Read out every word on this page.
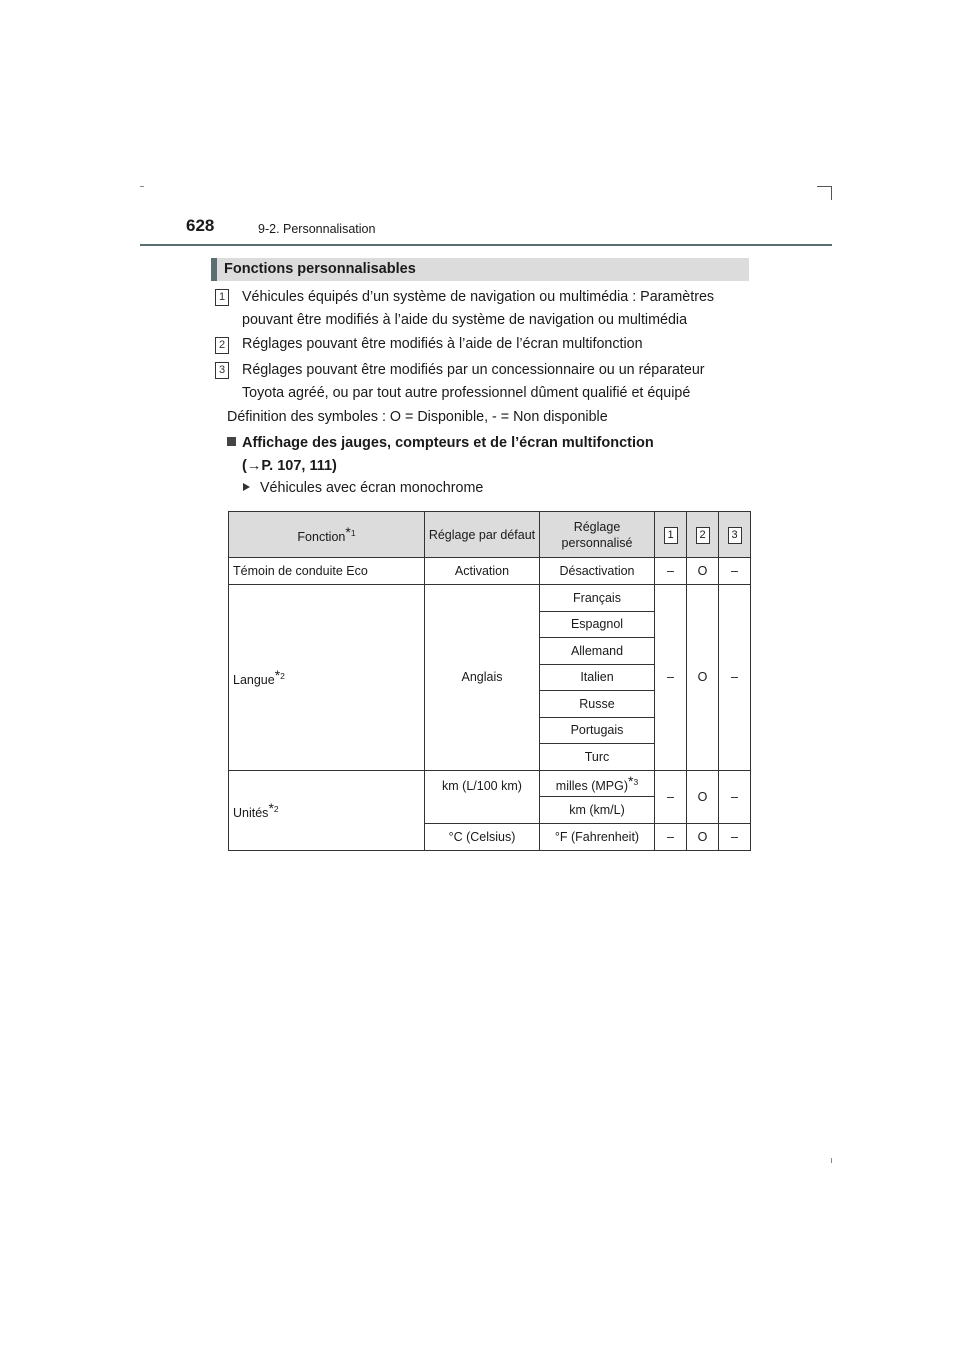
628	9-2. Personnalisation
Fonctions personnalisables
1 Véhicules équipés d’un système de navigation ou multimédia : Paramètres
pouvant être modifiés à l’aide du système de navigation ou multimédia
2 Réglages pouvant être modifiés à l’aide de l’écran multifonction
3 Réglages pouvant être modifiés par un concessionnaire ou un réparateur
Toyota agréé, ou par tout autre professionnel dûment qualifié et équipé
Définition des symboles : O = Disponible, - = Non disponible
Affichage des jauges, compteurs et de l’écran multifonction
(→P. 107, 111)
Véhicules avec écran monochrome
Fonction*$^1$	Réglage par défaut	Réglage personnalisé	1	2	3
Témoin de conduite Eco	Activation	Désactivation	–	O	–
Langue*$^2$	Anglais	Français	–	O	–
		Espagnol			
		Allemand			
		Italien			
		Russe			
		Portugais			
		Turc			
Unités*$^2$	km (L/100 km)	milles (MPG)*$^3$	–	O	–
		km (km/L)			
	°C (Celsius)	°F (Fahrenheit)	–	O	–
